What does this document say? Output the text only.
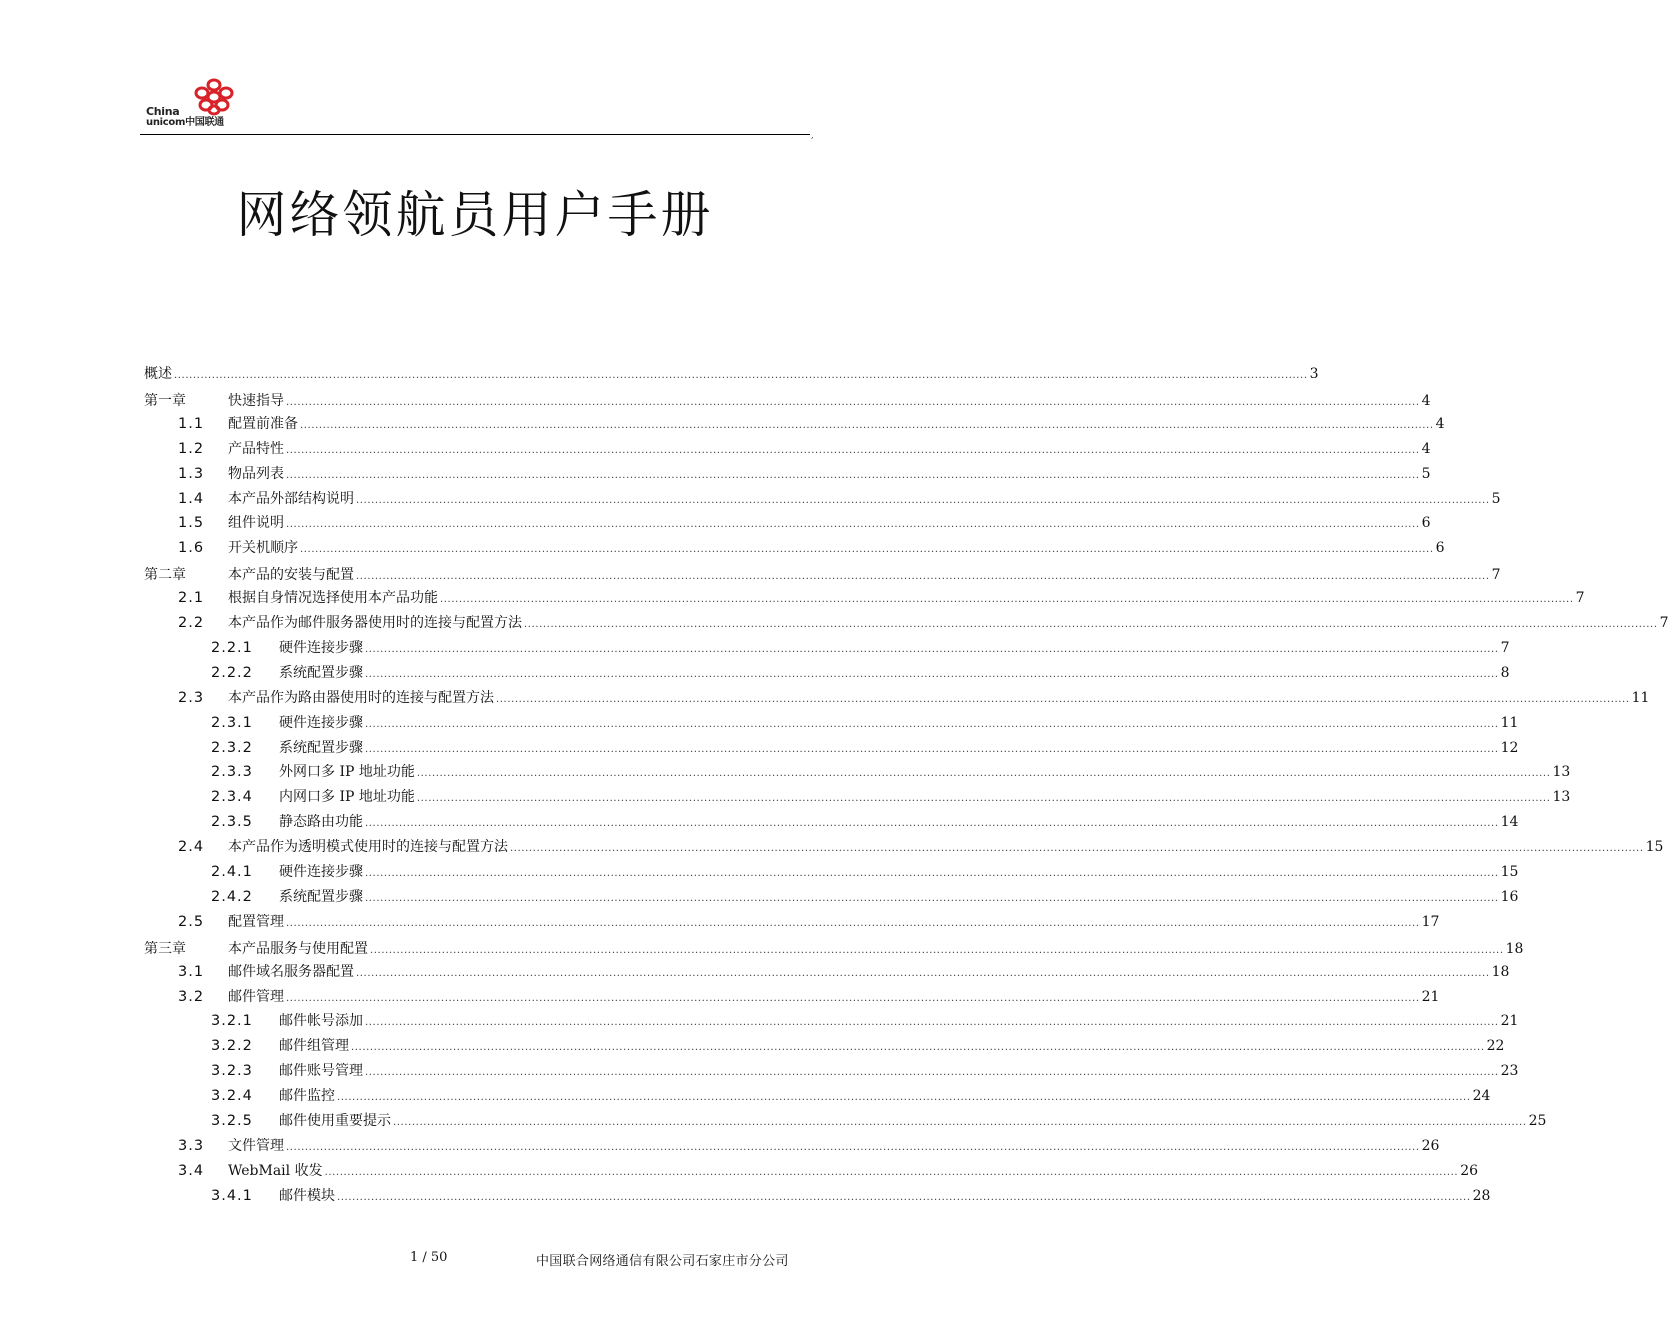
China
unicom中国联通
,
网络领航员用户手册
概述 ............................................................................................................................................................................................................................................................................................................ 3
第一章	快速指导 ............................................................................................................................................................................................................................................................................................................ 4
1.1	配置前准备 ............................................................................................................................................................................................................................................................................................................ 4
1.2	产品特性 ............................................................................................................................................................................................................................................................................................................ 4
1.3	物品列表 ............................................................................................................................................................................................................................................................................................................ 5
1.4	本产品外部结构说明 ............................................................................................................................................................................................................................................................................................................ 5
1.5	组件说明 ............................................................................................................................................................................................................................................................................................................ 6
1.6	开关机顺序 ............................................................................................................................................................................................................................................................................................................ 6
第二章	本产品的安装与配置 ............................................................................................................................................................................................................................................................................................................ 7
2.1	根据自身情况选择使用本产品功能 ............................................................................................................................................................................................................................................................................................................ 7
2.2	本产品作为邮件服务器使用时的连接与配置方法 ............................................................................................................................................................................................................................................................................................................ 7
2.2.1	硬件连接步骤 ............................................................................................................................................................................................................................................................................................................ 7
2.2.2	系统配置步骤 ............................................................................................................................................................................................................................................................................................................ 8
2.3	本产品作为路由器使用时的连接与配置方法 ............................................................................................................................................................................................................................................................................................................ 11
2.3.1	硬件连接步骤 ............................................................................................................................................................................................................................................................................................................ 11
2.3.2	系统配置步骤 ............................................................................................................................................................................................................................................................................................................ 12
2.3.3	外网口多 IP 地址功能 ............................................................................................................................................................................................................................................................................................................ 13
2.3.4	内网口多 IP 地址功能 ............................................................................................................................................................................................................................................................................................................ 13
2.3.5	静态路由功能 ............................................................................................................................................................................................................................................................................................................ 14
2.4	本产品作为透明模式使用时的连接与配置方法 ............................................................................................................................................................................................................................................................................................................ 15
2.4.1	硬件连接步骤 ............................................................................................................................................................................................................................................................................................................ 15
2.4.2	系统配置步骤 ............................................................................................................................................................................................................................................................................................................ 16
2.5	配置管理 ............................................................................................................................................................................................................................................................................................................ 17
第三章	本产品服务与使用配置 ............................................................................................................................................................................................................................................................................................................ 18
3.1	邮件域名服务器配置 ............................................................................................................................................................................................................................................................................................................ 18
3.2	邮件管理 ............................................................................................................................................................................................................................................................................................................ 21
3.2.1	邮件帐号添加 ............................................................................................................................................................................................................................................................................................................ 21
3.2.2	邮件组管理 ............................................................................................................................................................................................................................................................................................................ 22
3.2.3	邮件账号管理 ............................................................................................................................................................................................................................................................................................................ 23
3.2.4	邮件监控 ............................................................................................................................................................................................................................................................................................................ 24
3.2.5	邮件使用重要提示 ............................................................................................................................................................................................................................................................................................................ 25
3.3	文件管理 ............................................................................................................................................................................................................................................................................................................ 26
3.4	WebMail 收发 ............................................................................................................................................................................................................................................................................................................ 26
3.4.1	邮件模块 ............................................................................................................................................................................................................................................................................................................ 28
1 / 50	中国联合网络通信有限公司石家庄市分公司
